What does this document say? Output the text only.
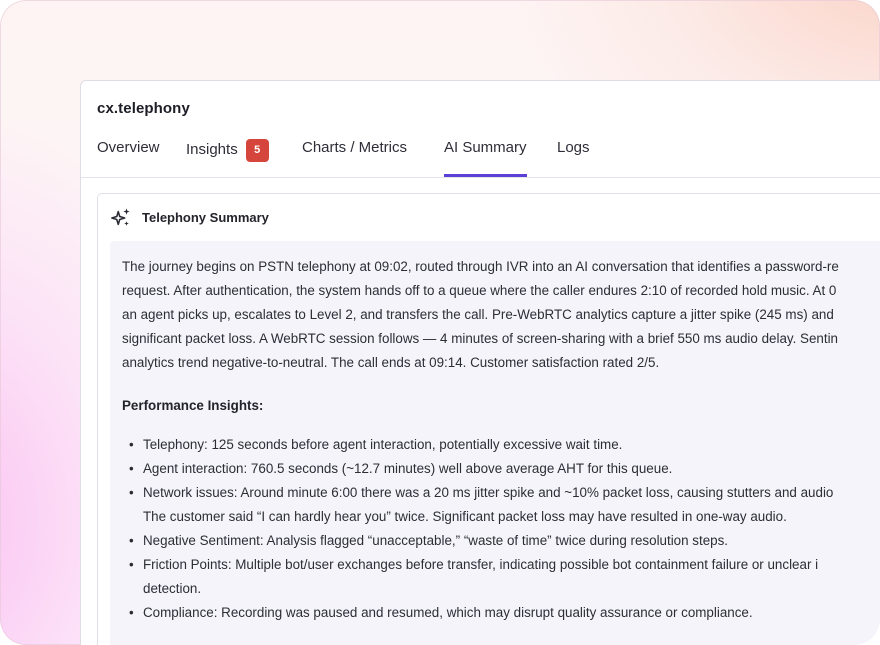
cx.telephony
Overview Insights 5	Charts / Metrics AI Summary Logs
Telephony Summary
The journey begins on PSTN telephony at 09:02, routed through IVR into an AI conversation that identifies a password-re
request. After authentication, the system hands off to a queue where the caller endures 2:10 of recorded hold music. At 0
an agent picks up, escalates to Level 2, and transfers the call. Pre-WebRTC analytics capture a jitter spike (245 ms) and
significant packet loss. A WebRTC session follows — 4 minutes of screen-sharing with a brief 550 ms audio delay. Sentin
analytics trend negative-to-neutral. The call ends at 09:14. Customer satisfaction rated 2/5.
Performance Insights:
• Telephony: 125 seconds before agent interaction, potentially excessive wait time.
• Agent interaction: 760.5 seconds (~12.7 minutes) well above average AHT for this queue.
• Network issues: Around minute 6:00 there was a 20 ms jitter spike and ~10% packet loss, causing stutters and audio
The customer said “I can hardly hear you” twice. Significant packet loss may have resulted in one-way audio.
• Negative Sentiment: Analysis flagged “unacceptable,” “waste of time” twice during resolution steps.
• Friction Points: Multiple bot/user exchanges before transfer, indicating possible bot containment failure or unclear i
detection.
• Compliance: Recording was paused and resumed, which may disrupt quality assurance or compliance.
